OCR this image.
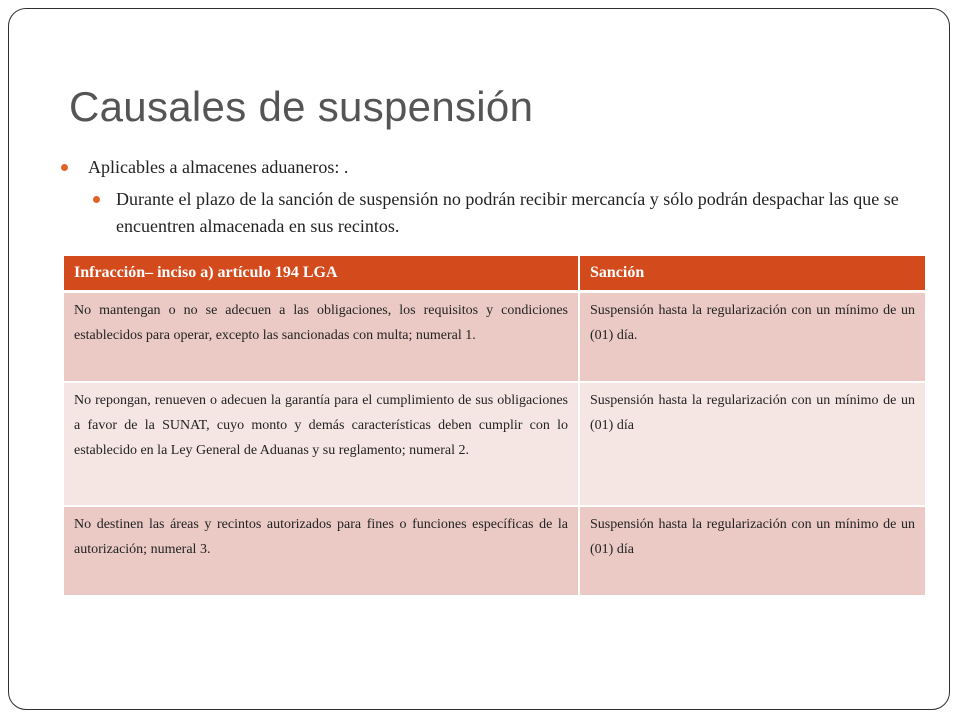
Causales de suspensión
Aplicables a almacenes aduaneros: .
Durante el plazo de la sanción de suspensión no podrán recibir mercancía y sólo podrán despachar las que se encuentren almacenada en sus recintos.
Infracción– inciso a) artículo 194 LGA	Sanción
No mantengan o no se adecuen a las obligaciones, los requisitos y condiciones establecidos para operar, excepto las sancionadas con multa; numeral 1.	Suspensión hasta la regularización con un mínimo de un (01) día.
No repongan, renueven o adecuen la garantía para el cumplimiento de sus obligaciones a favor de la SUNAT, cuyo monto y demás características deben cumplir con lo establecido en la Ley General de Aduanas y su reglamento; numeral 2.	Suspensión hasta la regularización con un mínimo de un (01) día
No destinen las áreas y recintos autorizados para fines o funciones específicas de la autorización; numeral 3.	Suspensión hasta la regularización con un mínimo de un (01) día
